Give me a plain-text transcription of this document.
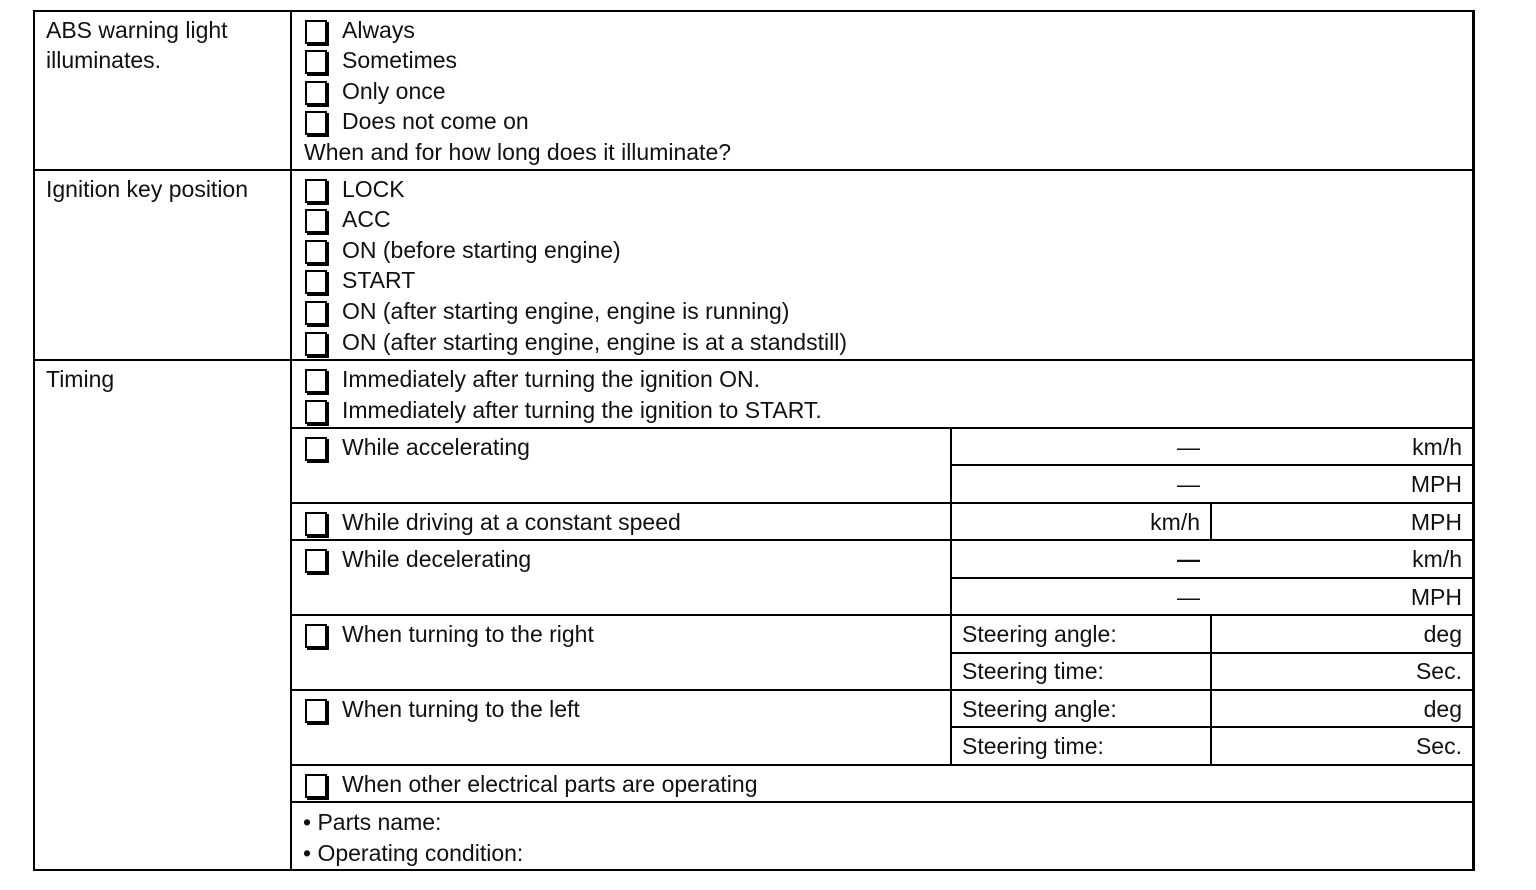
ABS warning light
illuminates.
Always
Sometimes
Only once
Does not come on
When and for how long does it illuminate?
Ignition key position	LOCK
ACC
ON (before starting engine)
START
ON (after starting engine, engine is running)
ON (after starting engine, engine is at a standstill)
Timing	Immediately after turning the ignition ON.
Immediately after turning the ignition to START.
While accelerating	—	km/h
—	MPH
While driving at a constant speed	km/h	MPH
While decelerating	—	km/h
—	MPH
When turning to the right	Steering angle:	deg
Steering time:	Sec.
When turning to the left	Steering angle:	deg
Steering time:	Sec.
When other electrical parts are operating
• Parts name:
• Operating condition:
